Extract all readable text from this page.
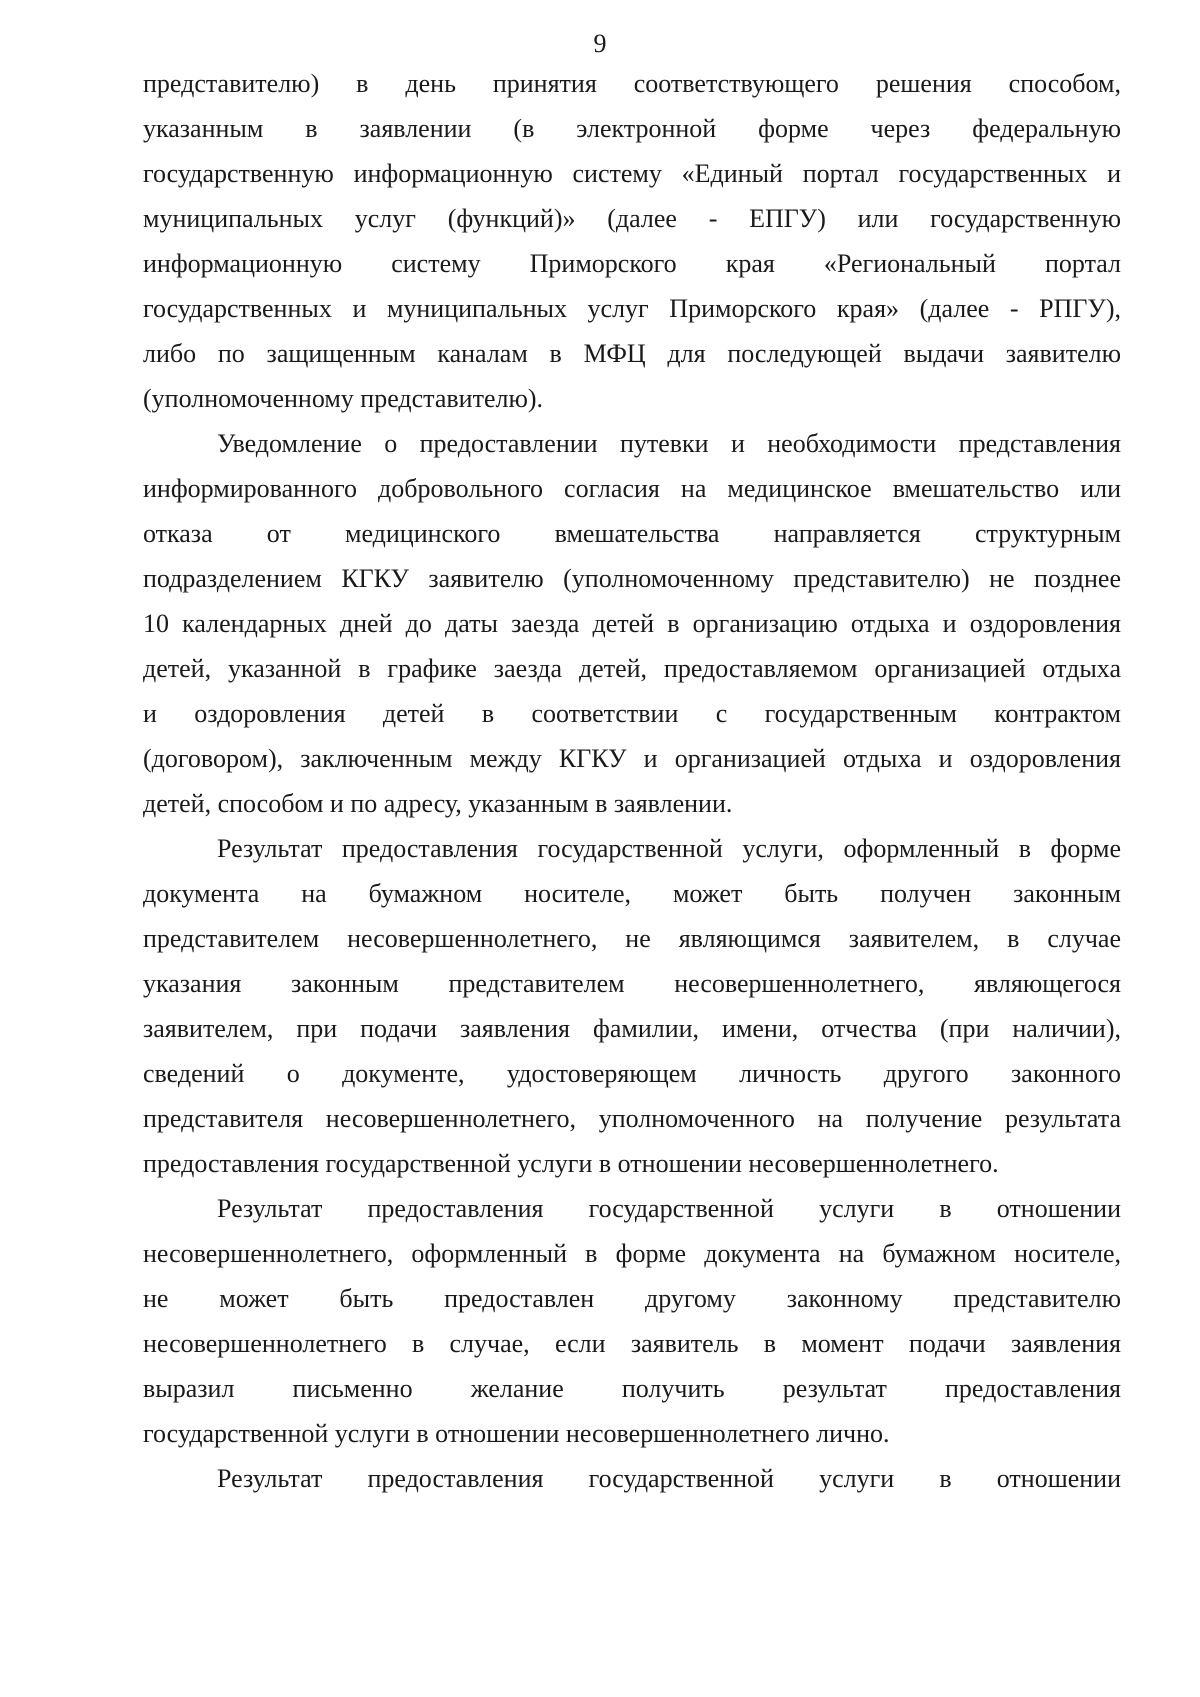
9
представителю) в день принятия соответствующего решения способом,
указанным в заявлении (в электронной форме через федеральную
государственную информационную систему «Единый портал государственных и
муниципальных услуг (функций)» (далее - ЕПГУ) или государственную
информационную систему Приморского края «Региональный портал
государственных и муниципальных услуг Приморского края» (далее - РПГУ),
либо по защищенным каналам в МФЦ для последующей выдачи заявителю
(уполномоченному представителю).
Уведомление о предоставлении путевки и необходимости представления
информированного добровольного согласия на медицинское вмешательство или
отказа от медицинского вмешательства направляется структурным
подразделением КГКУ заявителю (уполномоченному представителю) не позднее
10 календарных дней до даты заезда детей в организацию отдыха и оздоровления
детей, указанной в графике заезда детей, предоставляемом организацией отдыха
и оздоровления детей в соответствии с государственным контрактом
(договором), заключенным между КГКУ и организацией отдыха и оздоровления
детей, способом и по адресу, указанным в заявлении.
Результат предоставления государственной услуги, оформленный в форме
документа на бумажном носителе, может быть получен законным
представителем несовершеннолетнего, не являющимся заявителем, в случае
указания законным представителем несовершеннолетнего, являющегося
заявителем, при подачи заявления фамилии, имени, отчества (при наличии),
сведений о документе, удостоверяющем личность другого законного
представителя несовершеннолетнего, уполномоченного на получение результата
предоставления государственной услуги в отношении несовершеннолетнего.
Результат предоставления государственной услуги в отношении
несовершеннолетнего, оформленный в форме документа на бумажном носителе,
не может быть предоставлен другому законному представителю
несовершеннолетнего в случае, если заявитель в момент подачи заявления
выразил письменно желание получить результат предоставления
государственной услуги в отношении несовершеннолетнего лично.
Результат предоставления государственной услуги в отношении
